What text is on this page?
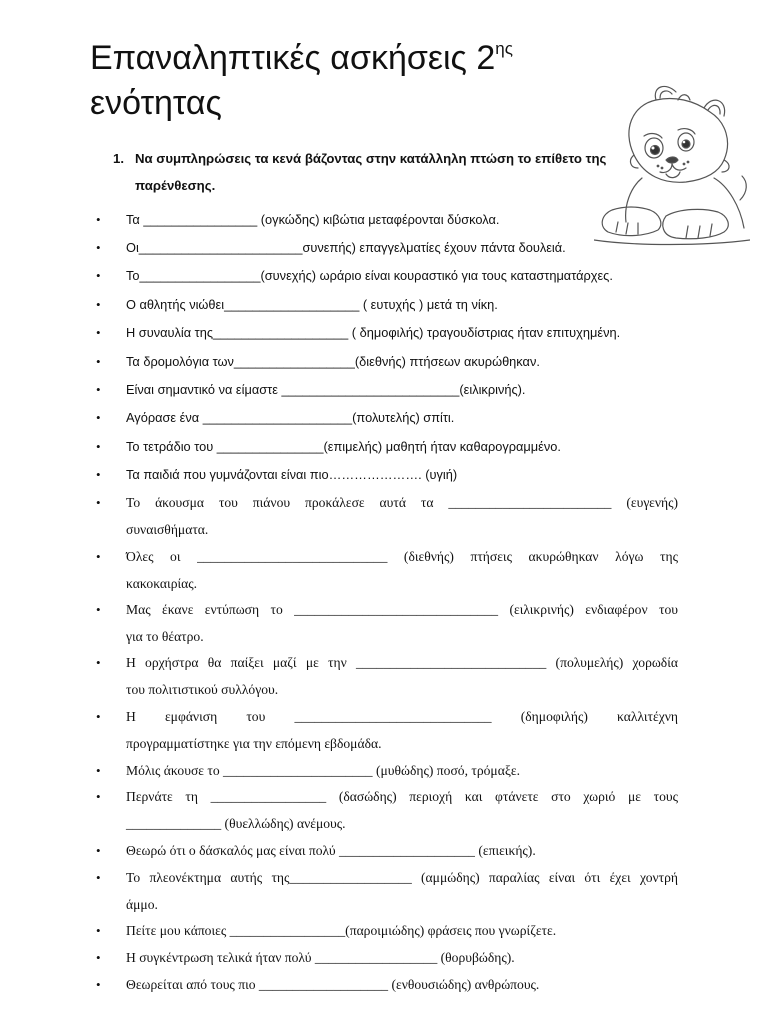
Επαναληπτικές ασκήσεις $2^{\eta\varsigma}$
ενότητας
1. Να συμπληρώσεις τα κενά βάζοντας στην κατάλληλη πτώση το επίθετο της παρένθεσης.
• Τα ________________ (ογκώδης) κιβώτια μεταφέρονται δύσκολα.
• Οι_______________________συνεπής) επαγγελματίες έχουν πάντα δουλειά.
• Το_________________(συνεχής) ωράριο είναι κουραστικό για τους καταστηματάρχες.
• Ο αθλητής νιώθει___________________ ( ευτυχής ) μετά τη νίκη.
• Η συναυλία της___________________ ( δημοφιλής) τραγουδίστριας ήταν επιτυχημένη.
• Τα δρομολόγια των_________________(διεθνής) πτήσεων ακυρώθηκαν.
• Είναι σημαντικό να είμαστε _________________________(ειλικρινής).
• Αγόρασε ένα _____________________(πολυτελής) σπίτι.
• Το τετράδιο του _______________(επιμελής) μαθητή ήταν καθαρογραμμένο.
• Τα παιδιά που γυμνάζονται είναι πιο…………………. (υγιή)
• Το άκουσμα του πιάνου προκάλεσε αυτά τα ________________________ (ευγενής)
συναισθήματα.
• Όλες οι ____________________________ (διεθνής) πτήσεις ακυρώθηκαν λόγω της
κακοκαιρίας.
• Μας έκανε εντύπωση το ______________________________ (ειλικρινής) ενδιαφέρον του
για το θέατρο.
• Η ορχήστρα θα παίξει μαζί με την ____________________________ (πολυμελής) χορωδία
του πολιτιστικού συλλόγου.
• Η εμφάνιση του _____________________________ (δημοφιλής) καλλιτέχνη
προγραμματίστηκε για την επόμενη εβδομάδα.
• Μόλις άκουσε το ______________________ (μυθώδης) ποσό, τρόμαξε.
• Περνάτε τη _________________ (δασώδης) περιοχή και φτάνετε στο χωριό με τους
______________ (θυελλώδης) ανέμους.
• Θεωρώ ότι ο δάσκαλός μας είναι πολύ ____________________ (επιεικής).
• Το πλεονέκτημα αυτής της__________________ (αμμώδης) παραλίας είναι ότι έχει χοντρή
άμμο.
• Πείτε μου κάποιες _________________(παροιμιώδης) φράσεις που γνωρίζετε.
• Η συγκέντρωση τελικά ήταν πολύ __________________ (θορυβώδης).
• Θεωρείται από τους πιο ___________________ (ενθουσιώδης) ανθρώπους.
